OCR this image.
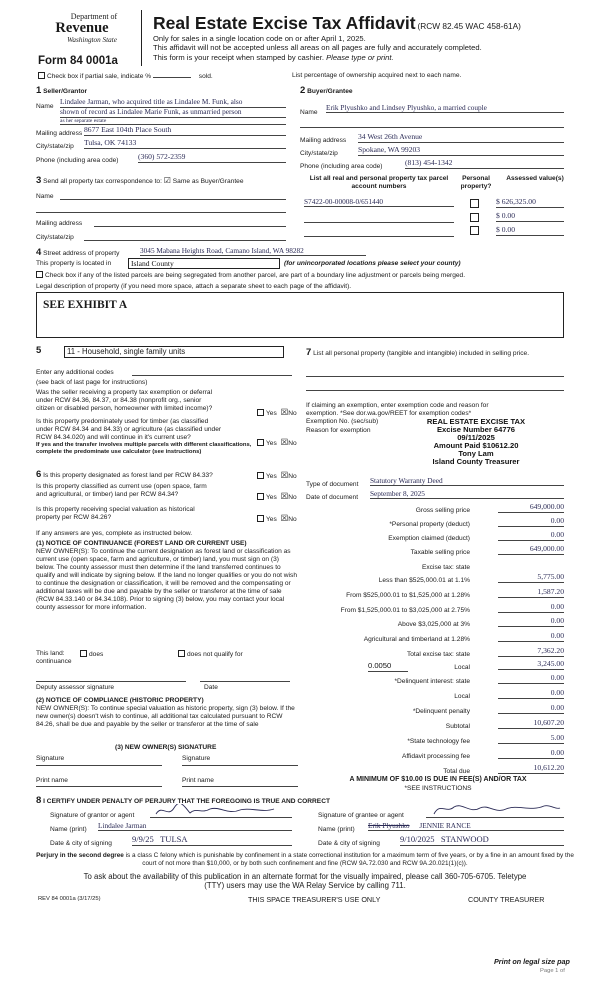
Department of
Revenue
Washington State
Form 84 0001a
Real Estate Excise Tax Affidavit (RCW 82.45 WAC 458-61A)
Only for sales in a single location code on or after April 1, 2025.
This affidavit will not be accepted unless all areas on all pages are fully and accurately completed.
This form is your receipt when stamped by cashier. Please type or print.
Check box if partial sale, indicate %	sold.	List percentage of ownership acquired next to each name.
1 Seller/Grantor
Name
Lindalee Jarman, who acquired title as Lindalee M. Funk, also
shown of record as Lindalee Marie Funk, as unmarried person
as her separate estate
Mailing address 8677 East 104th Place South
City/state/zip Tulsa, OK 74133
Phone (including area code)	(360) 572-2359
2 Buyer/Grantee
Name
Erik Plyushko and Lindsey Plyushko, a married couple
Mailing address 34 West 26th Avenue
City/state/zip	Spokane, WA 99203
Phone (including area code)	(813) 454-1342
3 Send all property tax correspondence to: ☑ Same as Buyer/Grantee
Name
Mailing address
City/state/zip
List all real and personal property tax parcel account numbers
Personal property?
Assessed value(s)
S7422-00-00008-0/651440	$ 626,325.00
$ 0.00
$ 0.00
4 Street address of property	3045 Mabana Heights Road, Camano Island, WA 98282
This property is located in	Island County	(for unincorporated locations please select your county)
Check box if any of the listed parcels are being segregated from another parcel, are part of a boundary line adjustment or parcels being merged.
Legal description of property (if you need more space, attach a separate sheet to each page of the affidavit).
SEE EXHIBIT A
5	11 - Household, single family units
Enter any additional codes
(see back of last page for instructions)
Was the seller receiving a property tax exemption or deferral
under RCW 84.36, 84.37, or 84.38 (nonprofit org., senior
citizen or disabled person, homeowner with limited income)?
Yes ☒No
Is this property predominately used for timber (as classified
under RCW 84.34 and 84.33) or agriculture (as classified under
RCW 84.34.020) and will continue in it's current use?
If yes and the transfer involves multiple parcels with different classifications, complete the predominate use calculator (see instructions)
Yes ☒No
6 Is this property designated as forest land per RCW 84.33?	Yes ☒No
Is this property classified as current use (open space, farm
and agricultural, or timber) land per RCW 84.34?	Yes ☒No
Is this property receiving special valuation as historical
property per RCW 84.26?	Yes ☒No
If any answers are yes, complete as instructed below.
(1) NOTICE OF CONTINUANCE (FOREST LAND OR CURRENT USE)
NEW OWNER(S): To continue the current designation as forest land or classification as current use (open space, farm and agriculture, or timber) land, you must sign on (3) below. The county assessor must then determine if the land transferred continues to qualify and will indicate by signing below. If the land no longer qualifies or you do not wish to continue the designation or classification, it will be removed and the compensating or additional taxes will be due and payable by the seller or transferor at the time of sale (RCW 84.33.140 or 84.34.108). Prior to signing (3) below, you may contact your local county assessor for more information.
This land:
continuance
does	does not qualify for
Deputy assessor signature	Date
(2) NOTICE OF COMPLIANCE (HISTORIC PROPERTY)
NEW OWNER(S): To continue special valuation as historic property, sign (3) below. If the new owner(s) doesn't wish to continue, all additional tax calculated pursuant to RCW 84.26, shall be due and payable by the seller or transferor at the time of sale
(3) NEW OWNER(S) SIGNATURE
Signature	Signature
Print name	Print name
7 List all personal property (tangible and intangible) included in selling price.
If claiming an exemption, enter exemption code and reason for
exemption. *See dor.wa.gov/REET for exemption codes*
Exemption No. (sec/sub)
Reason for exemption
REAL ESTATE EXCISE TAX
Excise Number 64776
09/11/2025
Amount Paid $10612.20
Tony Lam
Island County Treasurer
Type of document Statutory Warranty Deed
Date of document September 8, 2025
Gross selling price	649,000.00
*Personal property (deduct)	0.00
Exemption claimed (deduct)	0.00
Taxable selling price	649,000.00
Excise tax: state
Less than $525,000.01 at 1.1%	5,775.00
From $525,000.01 to $1,525,000 at 1.28%	1,587.20
From $1,525,000.01 to $3,025,000 at 2.75%	0.00
Above $3,025,000 at 3%	0.00
Agricultural and timberland at 1.28%	0.00
Total excise tax: state	7,362.20
0.0050	Local	3,245.00
*Delinquent interest: state	0.00
Local	0.00
*Delinquent penalty	0.00
Subtotal	10,607.20
*State technology fee	5.00
Affidavit processing fee	0.00
Total due	10,612.20
A MINIMUM OF $10.00 IS DUE IN FEE(S) AND/OR TAX
*SEE INSTRUCTIONS
8 I CERTIFY UNDER PENALTY OF PERJURY THAT THE FOREGOING IS TRUE AND CORRECT
Signature of grantor or agent
Name (print) Lindalee Jarman
Date & city of signing 9/9/25 TULSA
Signature of grantee or agent
Name (print) Erik Plyushko JENNIE RANCE
Date & city of signing 9/10/2025 STANWOOD
Perjury in the second degree is a class C felony which is punishable by confinement in a state correctional institution for a maximum term of five years, or by a fine in an amount fixed by the court of not more than $10,000, or by both such confinement and fine (RCW 9A.72.030 and RCW 9A.20.021(1)(c)).
To ask about the availability of this publication in an alternate format for the visually impaired, please call 360-705-6705. Teletype
(TTY) users may use the WA Relay Service by calling 711.
REV 84 0001a (3/17/25)	THIS SPACE TREASURER'S USE ONLY	COUNTY TREASURER
Print on legal size pap
Page 1 of
